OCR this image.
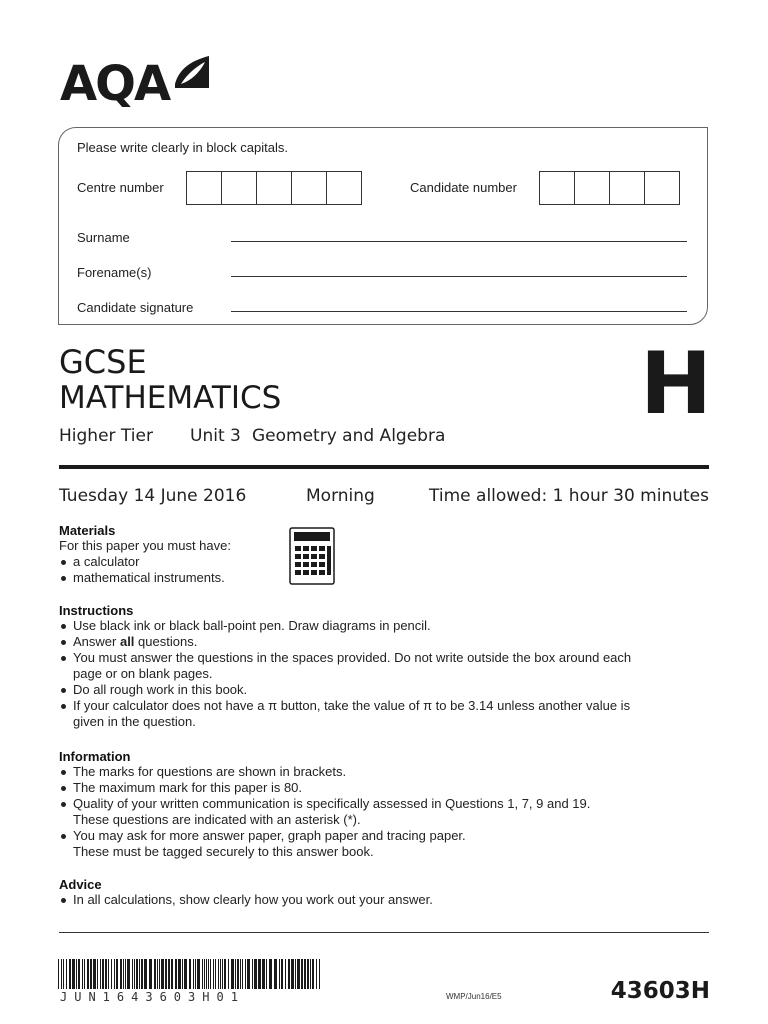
AQA
Please write clearly in block capitals.
Centre number	Candidate number
Surname
Forename(s)
Candidate signature
GCSE
MATHEMATICS	H
Higher Tier Unit 3 Geometry and Algebra
Tuesday 14 June 2016	Morning	Time allowed: 1 hour 30 minutes
Materials
For this paper you must have:
a calculator
mathematical instruments.
Instructions
Use black ink or black ball-point pen. Draw diagrams in pencil.
Answer all questions.
You must answer the questions in the spaces provided. Do not write outside the box around each
page or on blank pages.
Do all rough work in this book.
If your calculator does not have a π button, take the value of π to be 3.14 unless another value is
given in the question.
Information
The marks for questions are shown in brackets.
The maximum mark for this paper is 80.
Quality of your written communication is specifically assessed in Questions 1, 7, 9 and 19.
These questions are indicated with an asterisk (*).
You may ask for more answer paper, graph paper and tracing paper.
These must be tagged securely to this answer book.
Advice
In all calculations, show clearly how you work out your answer.
JUN1643603H01	WMP/Jun16/E5	43603H
